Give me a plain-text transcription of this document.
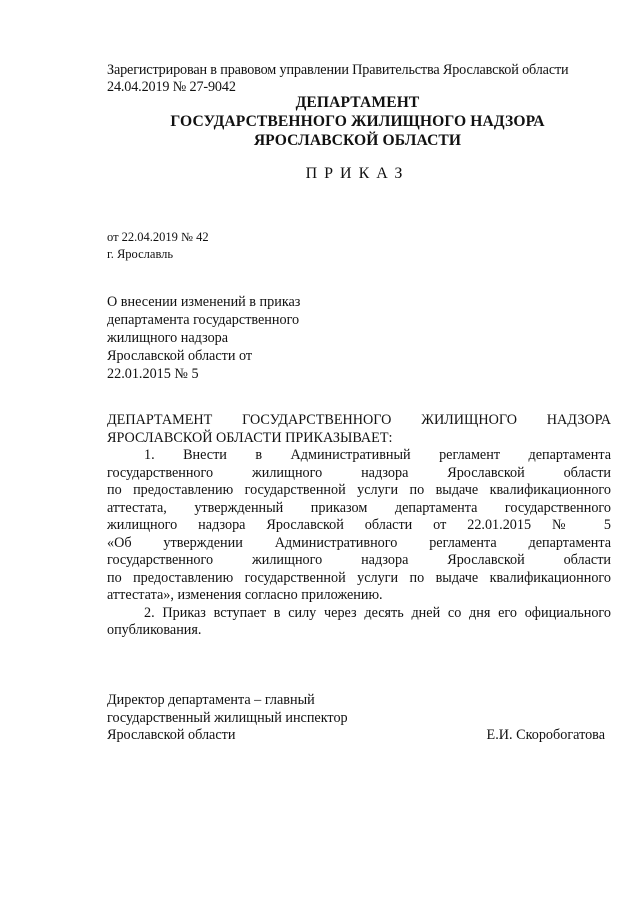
Зарегистрирован в правовом управлении Правительства Ярославской области
24.04.2019 № 27-9042
ДЕПАРТАМЕНТ
ГОСУДАРСТВЕННОГО ЖИЛИЩНОГО НАДЗОРА
ЯРОСЛАВСКОЙ ОБЛАСТИ
ПРИКАЗ
от 22.04.2019 № 42
г. Ярославль
О внесении изменений в приказ
департамента государственного
жилищного надзора
Ярославской области от
22.01.2015 № 5
ДЕПАРТАМЕНТ ГОСУДАРСТВЕННОГО ЖИЛИЩНОГО НАДЗОРА
ЯРОСЛАВСКОЙ ОБЛАСТИ ПРИКАЗЫВАЕТ:
1. Внести в Административный регламент департамента
государственного жилищного надзора Ярославской области
по предоставлению государственной услуги по выдаче квалификационного
аттестата, утвержденный приказом департамента государственного
жилищного надзора Ярославской области от 22.01.2015 № 5
«Об утверждении Административного регламента департамента
государственного жилищного надзора Ярославской области
по предоставлению государственной услуги по выдаче квалификационного
аттестата», изменения согласно приложению.
2. Приказ вступает в силу через десять дней со дня его официального
опубликования.
Директор департамента – главный
государственный жилищный инспектор
Ярославской области	Е.И. Скоробогатова
